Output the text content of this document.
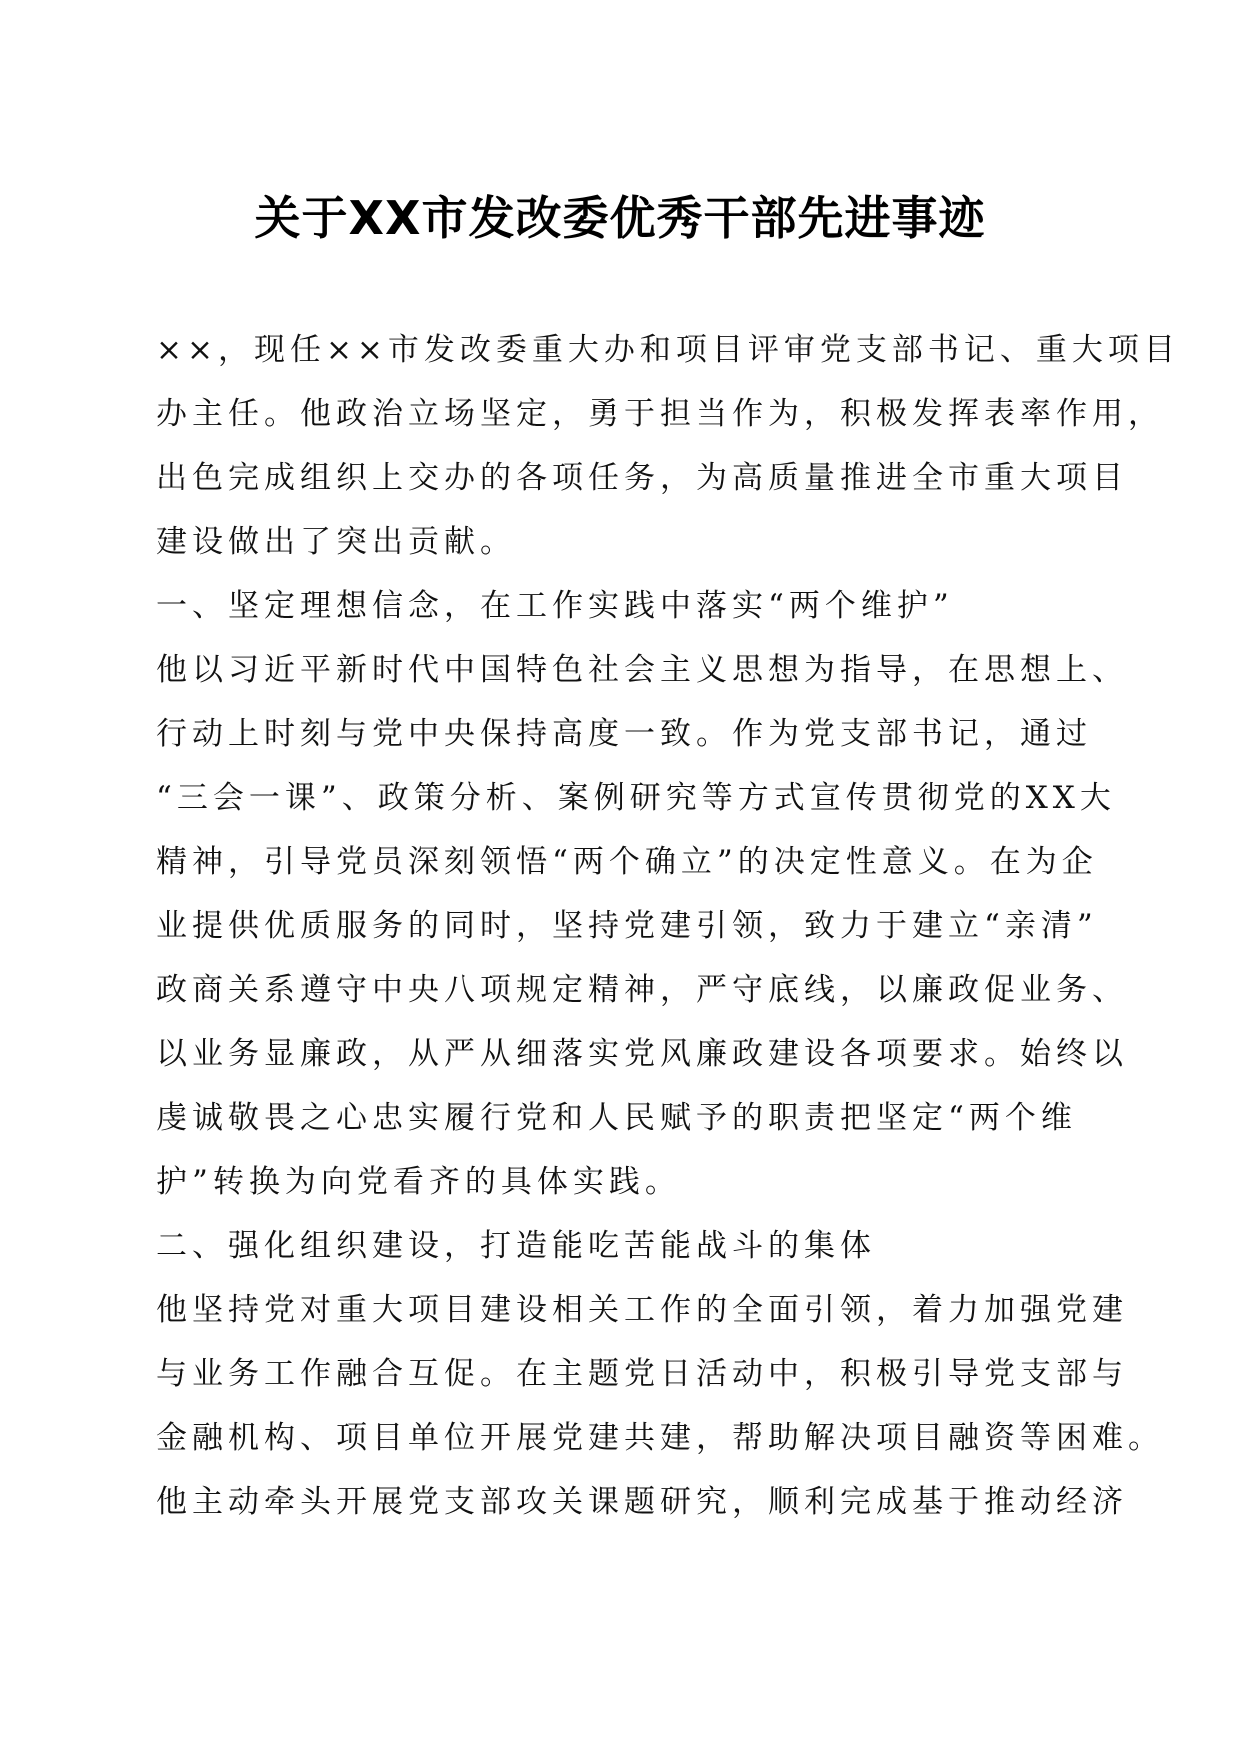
关于XX市发改委优秀干部先进事迹
××，现任××市发改委重大办和项目评审党支部书记、重大项目
办主任。他政治立场坚定，勇于担当作为，积极发挥表率作用，
出色完成组织上交办的各项任务，为高质量推进全市重大项目
建设做出了突出贡献。
一、坚定理想信念，在工作实践中落实“两个维护”
他以习近平新时代中国特色社会主义思想为指导，在思想上、
行动上时刻与党中央保持高度一致。作为党支部书记，通过
“三会一课”、政策分析、案例研究等方式宣传贯彻党的XX大
精神，引导党员深刻领悟“两个确立”的决定性意义。在为企
业提供优质服务的同时，坚持党建引领，致力于建立“亲清”
政商关系遵守中央八项规定精神，严守底线，以廉政促业务、
以业务显廉政，从严从细落实党风廉政建设各项要求。始终以
虔诚敬畏之心忠实履行党和人民赋予的职责把坚定“两个维
护”转换为向党看齐的具体实践。
二、强化组织建设，打造能吃苦能战斗的集体
他坚持党对重大项目建设相关工作的全面引领，着力加强党建
与业务工作融合互促。在主题党日活动中，积极引导党支部与
金融机构、项目单位开展党建共建，帮助解决项目融资等困难。
他主动牵头开展党支部攻关课题研究，顺利完成基于推动经济
